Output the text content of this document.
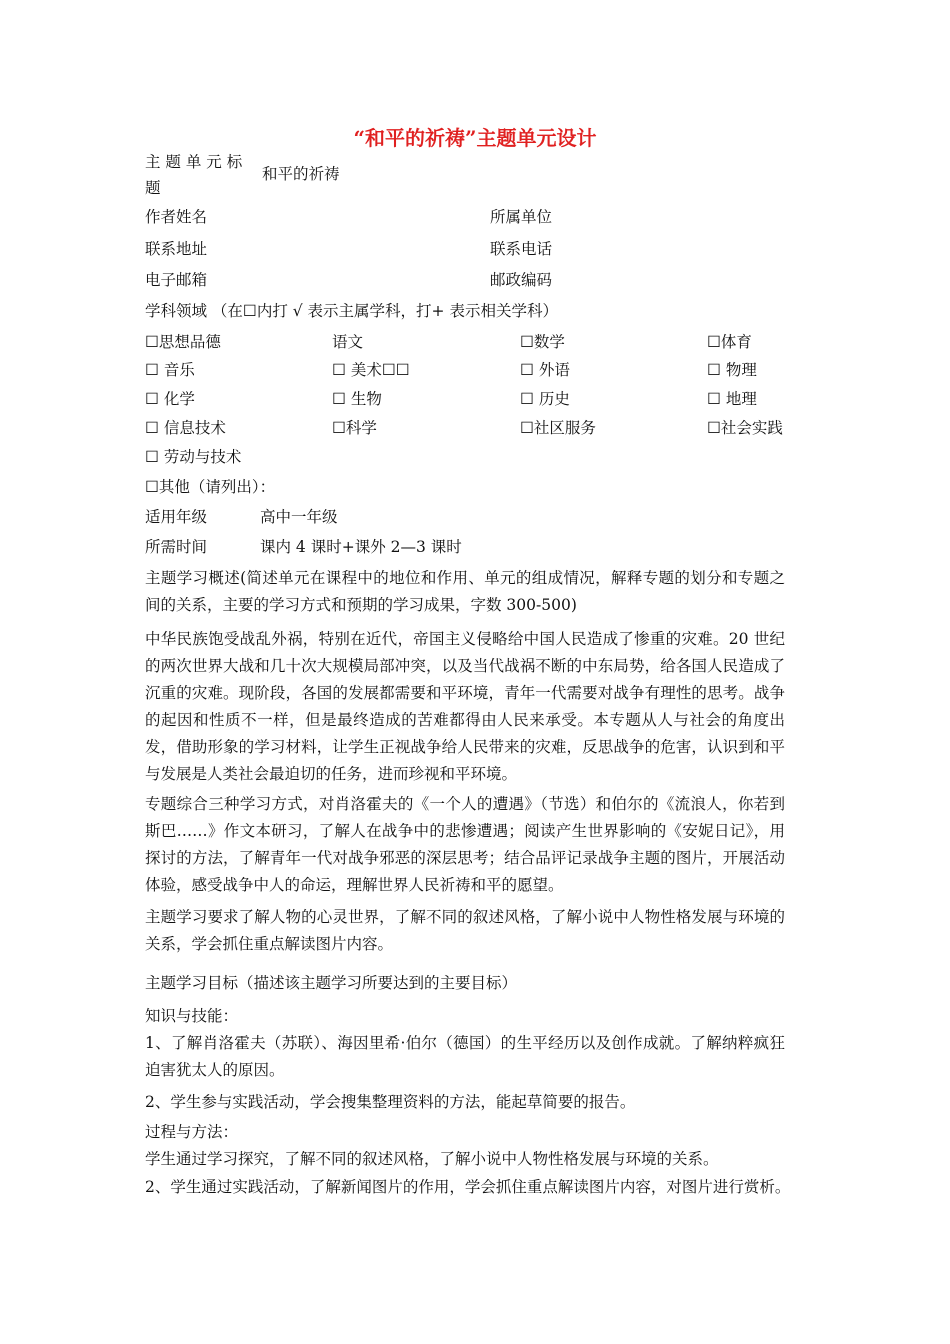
“和平的祈祷”主题单元设计
主 题 单 元 标
题
和平的祈祷
作者姓名	所属单位
联系地址	联系电话
电子邮箱	邮政编码
学科领域 （在☐内打 √ 表示主属学科，打+ 表示相关学科）
☐思想品德	语文	☐数学	☐体育
☐ 音乐	☐ 美术☐☐	☐ 外语	☐ 物理
☐ 化学	☐ 生物	☐ 历史	☐ 地理
☐ 信息技术	☐科学	☐社区服务	☐社会实践
☐ 劳动与技术
☐其他（请列出）：
适用年级	高中一年级
所需时间	课内 4 课时+课外 2—3 课时
主题学习概述(简述单元在课程中的地位和作用、单元的组成情况，解释专题的划分和专题之间的关系，主要的学习方式和预期的学习成果，字数 300-500)
中华民族饱受战乱外祸，特别在近代，帝国主义侵略给中国人民造成了惨重的灾难。20 世纪的两次世界大战和几十次大规模局部冲突，以及当代战祸不断的中东局势，给各国人民造成了沉重的灾难。现阶段，各国的发展都需要和平环境，青年一代需要对战争有理性的思考。战争的起因和性质不一样，但是最终造成的苦难都得由人民来承受。本专题从人与社会的角度出发，借助形象的学习材料，让学生正视战争给人民带来的灾难，反思战争的危害，认识到和平与发展是人类社会最迫切的任务，进而珍视和平环境。
专题综合三种学习方式，对肖洛霍夫的《一个人的遭遇》（节选）和伯尔的《流浪人，你若到斯巴……》作文本研习，了解人在战争中的悲惨遭遇；阅读产生世界影响的《安妮日记》，用探讨的方法，了解青年一代对战争邪恶的深层思考；结合品评记录战争主题的图片，开展活动体验，感受战争中人的命运，理解世界人民祈祷和平的愿望。
主题学习要求了解人物的心灵世界，了解不同的叙述风格，了解小说中人物性格发展与环境的关系，学会抓住重点解读图片内容。
主题学习目标（描述该主题学习所要达到的主要目标）
知识与技能：
1、了解肖洛霍夫（苏联）、海因里希·伯尔（德国）的生平经历以及创作成就。了解纳粹疯狂迫害犹太人的原因。
2、学生参与实践活动，学会搜集整理资料的方法，能起草简要的报告。
过程与方法：
学生通过学习探究，了解不同的叙述风格，了解小说中人物性格发展与环境的关系。
2、学生通过实践活动，了解新闻图片的作用，学会抓住重点解读图片内容，对图片进行赏析。
